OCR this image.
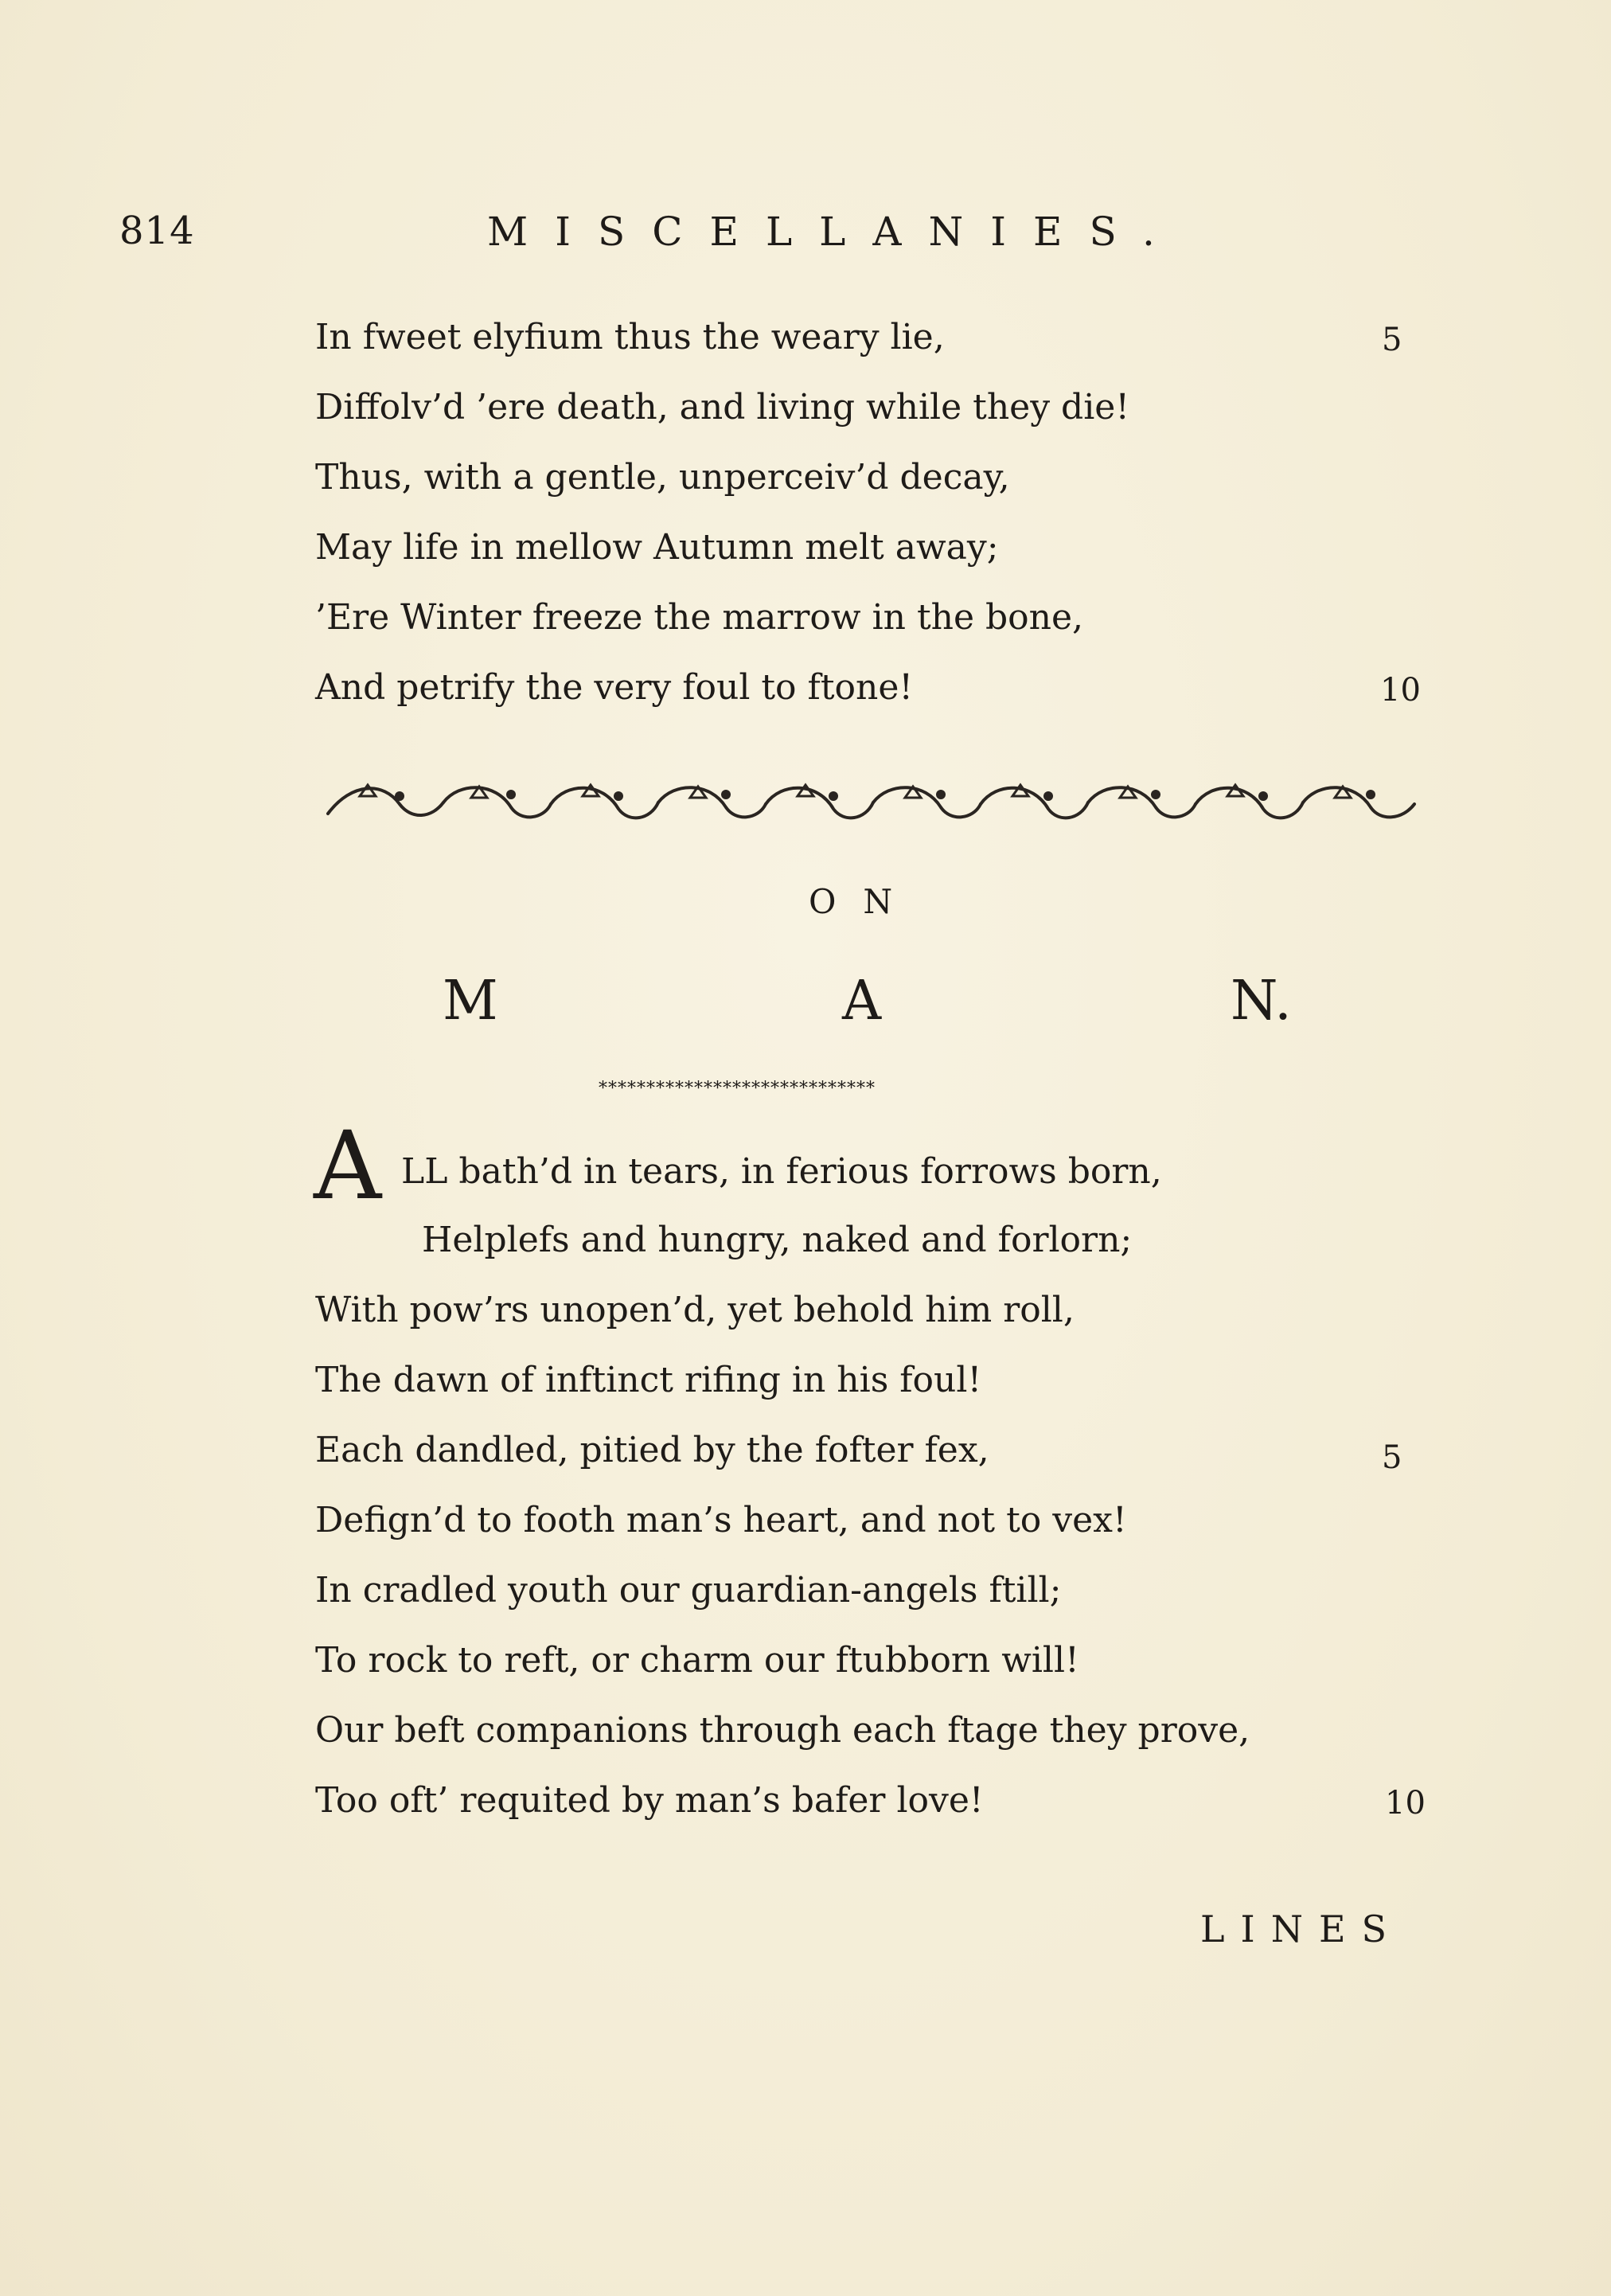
814	MISCELLANIES.
In fweet elyfium thus the weary lie,	5
Diffolv’d ’ere death, and living while they die!
Thus, with a gentle, unperceiv’d decay,
May life in mellow Autumn melt away;
’Ere Winter freeze the marrow in the bone,
And petrify the very foul to ftone!	10
ON
M	A	N.
*****************************
A LL bath’d in tears, in ferious forrows born,
Helplefs and hungry, naked and forlorn;
With pow’rs unopen’d, yet behold him roll,
The dawn of inftinct rifing in his foul!
Each dandled, pitied by the fofter fex,	5
Defign’d to footh man’s heart, and not to vex!
In cradled youth our guardian-angels ftill;
To rock to reft, or charm our ftubborn will!
Our beft companions through each ftage they prove,
Too oft’ requited by man’s bafer love!	10
LINES
